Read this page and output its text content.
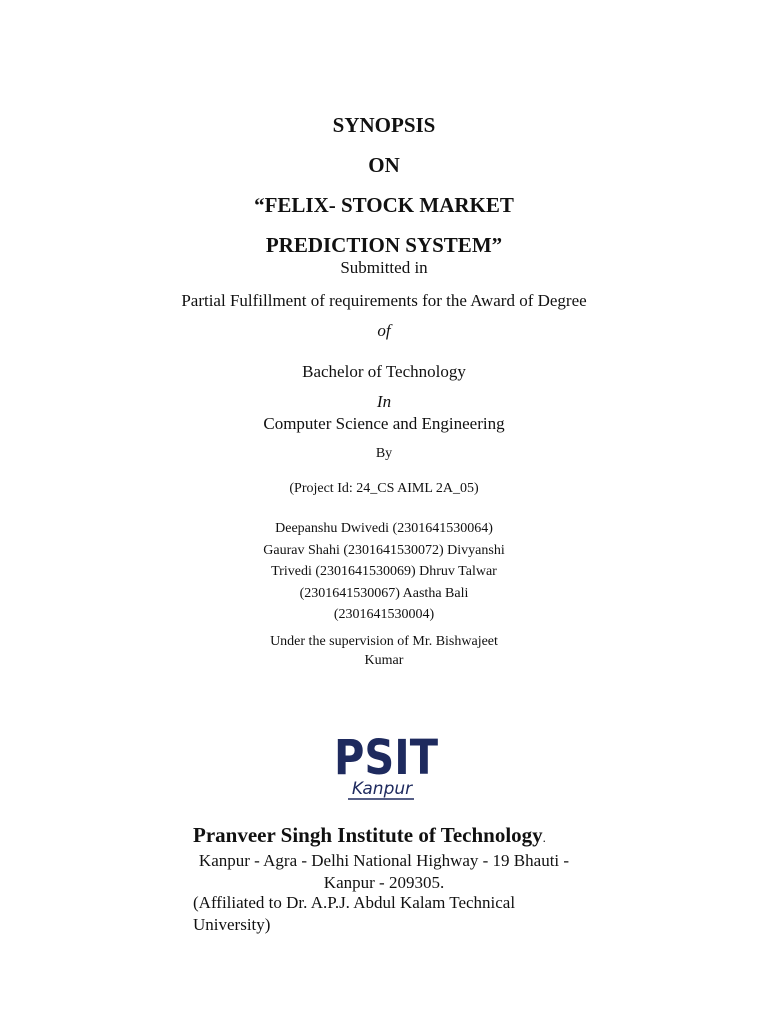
SYNOPSIS
ON
“FELIX- STOCK MARKET
PREDICTION SYSTEM”
Submitted in
Partial Fulfillment of requirements for the Award of Degree
of
Bachelor of Technology
In
Computer Science and Engineering
By
(Project Id: 24_CS AIML 2A_05)
Deepanshu Dwivedi (2301641530064) Gaurav Shahi (2301641530072) Divyanshi Trivedi (2301641530069) Dhruv Talwar (2301641530067) Aastha Bali (2301641530004)
Under the supervision of Mr. Bishwajeet Kumar
PSIT
Kanpur
Pranveer Singh Institute of Technology.
Kanpur - Agra - Delhi National Highway - 19 Bhauti - Kanpur - 209305.
(Affiliated to Dr. A.P.J. Abdul Kalam Technical University)
